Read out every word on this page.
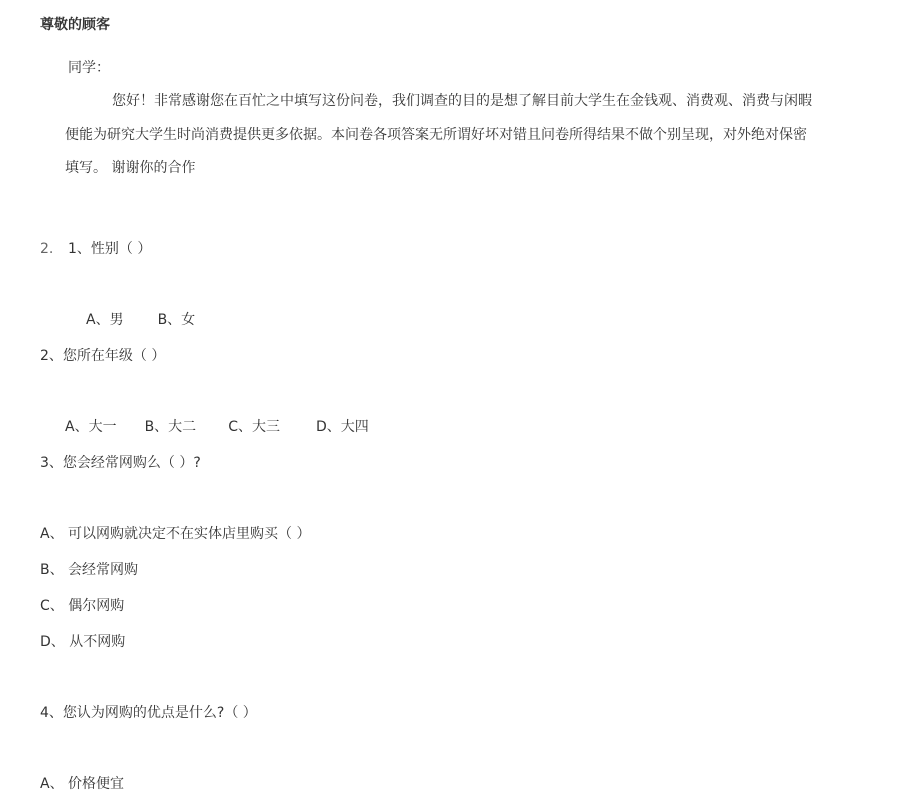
尊敬的顾客
同学：
您好！非常感谢您在百忙之中填写这份问卷，我们调查的目的是想了解目前大学生在金钱观、消费观、消费与闲暇
便能为研究大学生时尚消费提供更多依据。本问卷各项答案无所谓好坏对错且问卷所得结果不做个别呈现，对外绝对保密
填写。 谢谢你的合作
2. 1、性别（ ）
A、男 B、女
2、您所在年级（ ）
A、大一 B、大二 C、大三	D、大四
3、您会经常网购么（ ）?
A、 可以网购就决定不在实体店里购买（ ）
B、 会经常网购
C、 偶尔网购
D、 从不网购
4、您认为网购的优点是什么?（ ）
A、 价格便宜
